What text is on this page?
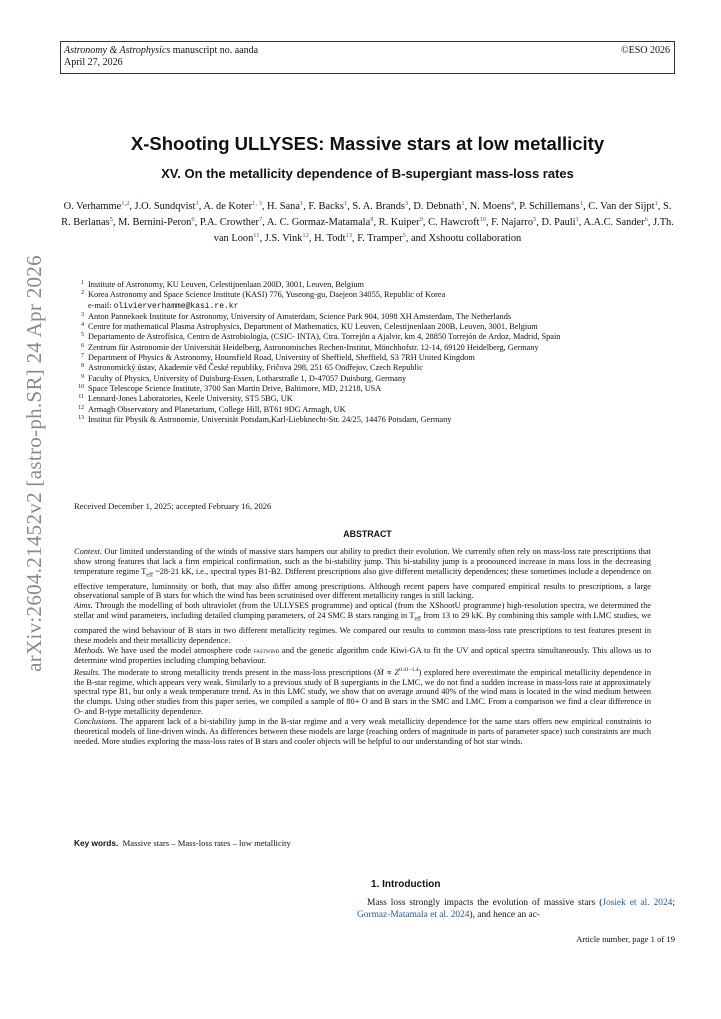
Astronomy & Astrophysics manuscript no. aanda
April 27, 2026
©ESO 2026
arXiv:2604.21452v2 [astro-ph.SR] 24 Apr 2026
X-Shooting ULLYSES: Massive stars at low metallicity
XV. On the metallicity dependence of B-supergiant mass-loss rates
O. Verhamme$^{1,2}$, J.O. Sundqvist$^1$, A. de Koter$^{1, 3}$, H. Sana$^1$, F. Backs$^1$, S. A. Brands$^3$, D. Debnath$^1$, N. Moens$^4$, P. Schillemans$^1$, C. Van der Sijpt$^1$, S. R. Berlanas$^5$, M. Bernini-Peron$^6$, P.A. Crowther$^7$, A. C. Gormaz-Matamala$^8$, R. Kuiper$^9$, C. Hawcroft$^{10}$, F. Najarro$^5$, D. Pauli$^1$, A.A.C. Sander$^6$, J.Th. van Loon$^{11}$, J.S. Vink$^{12}$, H. Todt$^{13}$, F. Tramper$^5$, and Xshootu collaboration
1 Institute of Astronomy, KU Leuven, Celestijnenlaan 200D, 3001, Leuven, Belgium
2 Korea Astronomy and Space Science Institute (KASI) 776, Yuseong-gu, Daejeon 34055, Republic of Korea
e-mail: olivierverhamme@kasi.re.kr
3 Anton Pannekoek Institute for Astronomy, University of Amsterdam, Science Park 904, 1098 XH Amsterdam, The Netherlands
4 Centre for mathematical Plasma Astrophysics, Department of Mathematics, KU Leuven, Celestijnenlaan 200B, Leuven, 3001, Belgium
5 Departamento de Astrofísica, Centro de Astrobiología, (CSIC- INTA), Ctra. Torrejón a Ajalvir, km 4, 28850 Torrejón de Ardoz, Madrid, Spain
6 Zentrum für Astronomie der Universität Heidelberg, Astronomisches Rechen-Institut, Mönchhofstr. 12-14, 69120 Heidelberg, Germany
7 Department of Physics & Astronomy, Hounsfield Road, University of Sheffield, Sheffield, S3 7RH United Kingdom
8 Astronomický ústav, Akademie věd České republiky, Fričova 298, 251 65 Ondřejov, Czech Republic
9 Faculty of Physics, University of Duisburg-Essen, Lotharstraße 1, D-47057 Duisburg, Germany
10 Space Telescope Science Institute, 3700 San Martin Drive, Baltimore, MD, 21218, USA
11 Lennard-Jones Laboratories, Keele University, ST5 5BG, UK
12 Armagh Observatory and Planetarium, College Hill, BT61 9DG Armagh, UK
13 Institut für Physik & Astronomie, Universität Potsdam,Karl-Liebknecht-Str. 24/25, 14476 Potsdam, Germany
Received December 1, 2025; accepted February 16, 2026
ABSTRACT

Context. Our limited understanding of the winds of massive stars hampers our ability to predict their evolution. We currently often rely on mass-loss rate prescriptions that show strong features that lack a firm empirical confirmation, such as the bi-stability jump. This bi-stability jump is a pronounced increase in mass loss in the decreasing temperature regime $T_{eff}$ ~28-21 kK, i.e., spectral types B1-B2. Different prescriptions also give different metallicity dependences; these sometimes include a dependence on effective temperature, luminosity or both, that may also differ among prescriptions. Although recent papers have compared empirical results to prescriptions, a large observational sample of B stars for which the wind has been scrutinised over different metallicity ranges is still lacking.

Aims. Through the modelling of both ultraviolet (from the ULLYSES programme) and optical (from the XShootU programme) high-resolution spectra, we determined the stellar and wind parameters, including detailed clumping parameters, of 24 SMC B stars ranging in $T_{eff}$ from 13 to 29 kK. By combining this sample with LMC studies, we compared the wind behaviour of B stars in two different metallicity regimes. We compared our results to common mass-loss rate prescriptions to test features present in these models and their metallicity dependence.

Methods. We have used the model atmosphere code fastwind and the genetic algorithm code Kiwi-GA to fit the UV and optical spectra simultaneously. This allows us to determine wind properties including clumping behaviour.

Results. The moderate to strong metallicity trends present in the mass-loss prescriptions (Ṁ ∝ $Z^{0.41-1.4}$) explored here overestimate the empirical metallicity dependence in the B-star regime, which appears very weak. Similarly to a previous study of B supergiants in the LMC, we do not find a sudden increase in mass-loss rate at approximately spectral type B1, but only a weak temperature trend. As in this LMC study, we show that on average around 40% of the wind mass is located in the wind medium between the clumps. Using other studies from this paper series, we compiled a sample of 80+ O and B stars in the SMC and LMC. From a comparison we find a clear difference in O- and B-type metallicity dependence.

Conclusions. The apparent lack of a bi-stability jump in the B-star regime and a very weak metallicity dependence for the same stars offers new empirical constraints to theoretical models of line-driven winds. As differences between these models are large (reaching orders of magnitude in parts of parameter space) such constraints are much needed. More studies exploring the mass-loss rates of B stars and cooler objects will be helpful to our understanding of hot star winds.

Key words. Massive stars – Mass-loss rates – low metallicity
1. Introduction
Mass loss strongly impacts the evolution of massive stars (Josiek et al. 2024; Gormaz-Matamala et al. 2024), and hence an ac-
Article number, page 1 of 19
